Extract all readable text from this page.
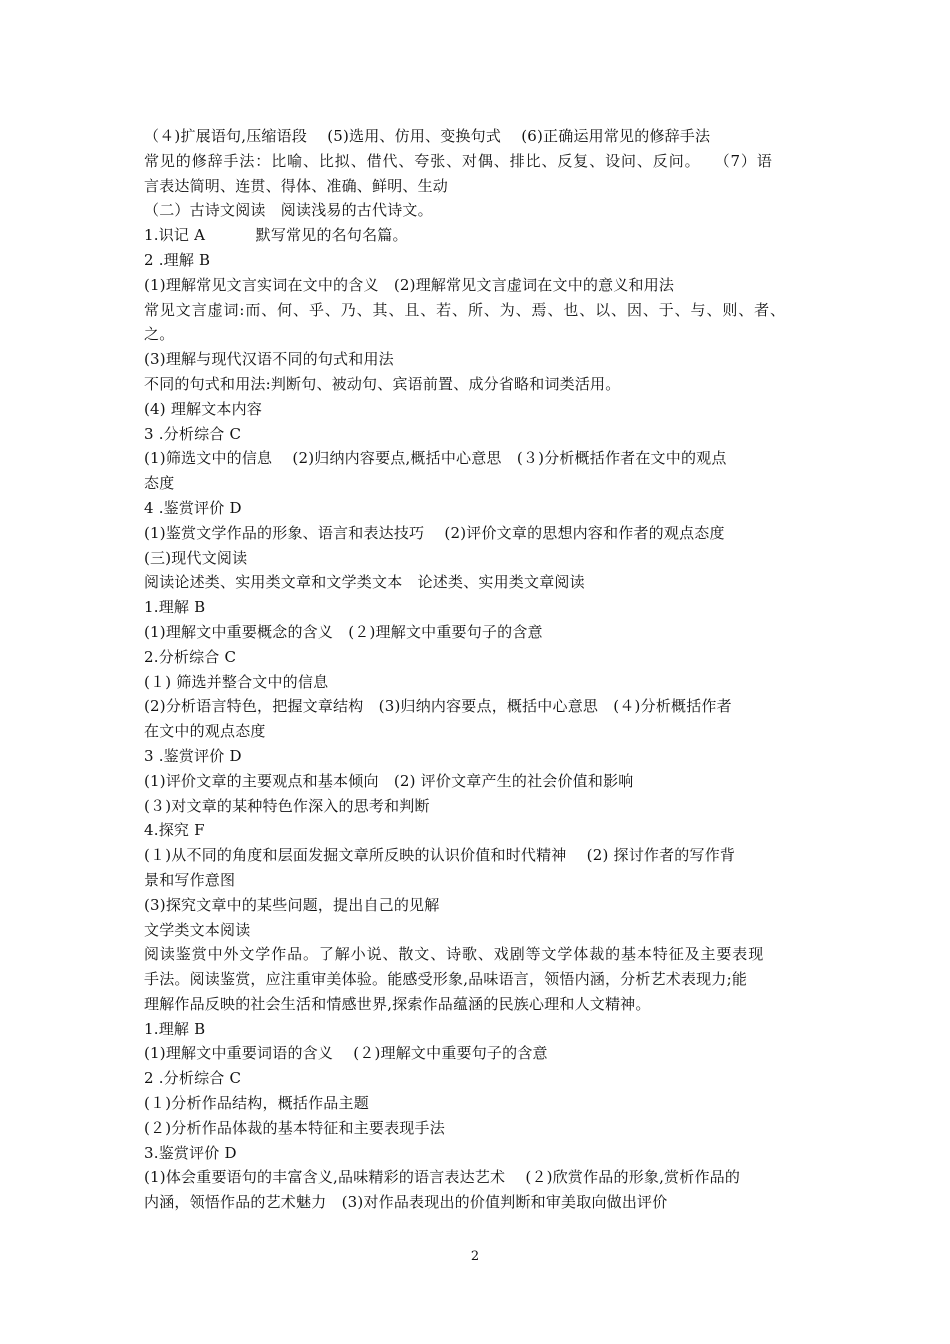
（４)扩展语句,压缩语段　 (5)选用、仿用、变换句式　 (6)正确运用常见的修辞手法
常见的修辞手法：比喻、比拟、借代、夸张、对偶、排比、反复、设问、反问。　 （7）语
言表达简明、连贯、得体、准确、鲜明、生动
（二）古诗文阅读　阅读浅易的古代诗文。
1.识记 A　　　 默写常见的名句名篇。
2 .理解 B
(1)理解常见文言实词在文中的含义　(2)理解常见文言虚词在文中的意义和用法
常见文言虚词:而、何、乎、乃、其、且、若、所、为、焉、也、以、因、于、与、则、者、
之。
(3)理解与现代汉语不同的句式和用法
不同的句式和用法:判断句、被动句、宾语前置、成分省略和词类活用。
(4) 理解文本内容
3 .分析综合 C
(1)筛选文中的信息　 (2)归纳内容要点,概括中心意思　(３)分析概括作者在文中的观点
态度
4 .鉴赏评价 D
(1)鉴赏文学作品的形象、语言和表达技巧　 (2)评价文章的思想内容和作者的观点态度
(三)现代文阅读
阅读论述类、实用类文章和文学类文本　论述类、实用类文章阅读
1.理解 B
(1)理解文中重要概念的含义　(２)理解文中重要句子的含意
2.分析综合 C
(１) 筛选并整合文中的信息
(2)分析语言特色，把握文章结构　(3)归纳内容要点，概括中心意思　(４)分析概括作者
在文中的观点态度
3 .鉴赏评价 D
(1)评价文章的主要观点和基本倾向　(2) 评价文章产生的社会价值和影响
(３)对文章的某种特色作深入的思考和判断
4.探究 F
(１)从不同的角度和层面发掘文章所反映的认识价值和时代精神　 (2) 探讨作者的写作背
景和写作意图
(3)探究文章中的某些问题，提出自己的见解
文学类文本阅读
阅读鉴赏中外文学作品。了解小说、散文、诗歌、戏剧等文学体裁的基本特征及主要表现
手法。阅读鉴赏，应注重审美体验。能感受形象,品味语言，领悟内涵，分析艺术表现力;能
理解作品反映的社会生活和情感世界,探索作品蕴涵的民族心理和人文精神。
1.理解 B
(1)理解文中重要词语的含义　 (２)理解文中重要句子的含意
2 .分析综合 C
(１)分析作品结构，概括作品主题
(２)分析作品体裁的基本特征和主要表现手法
3.鉴赏评价 D
(1)体会重要语句的丰富含义,品味精彩的语言表达艺术　 (２)欣赏作品的形象,赏析作品的
内涵，领悟作品的艺术魅力　(3)对作品表现出的价值判断和审美取向做出评价
2
